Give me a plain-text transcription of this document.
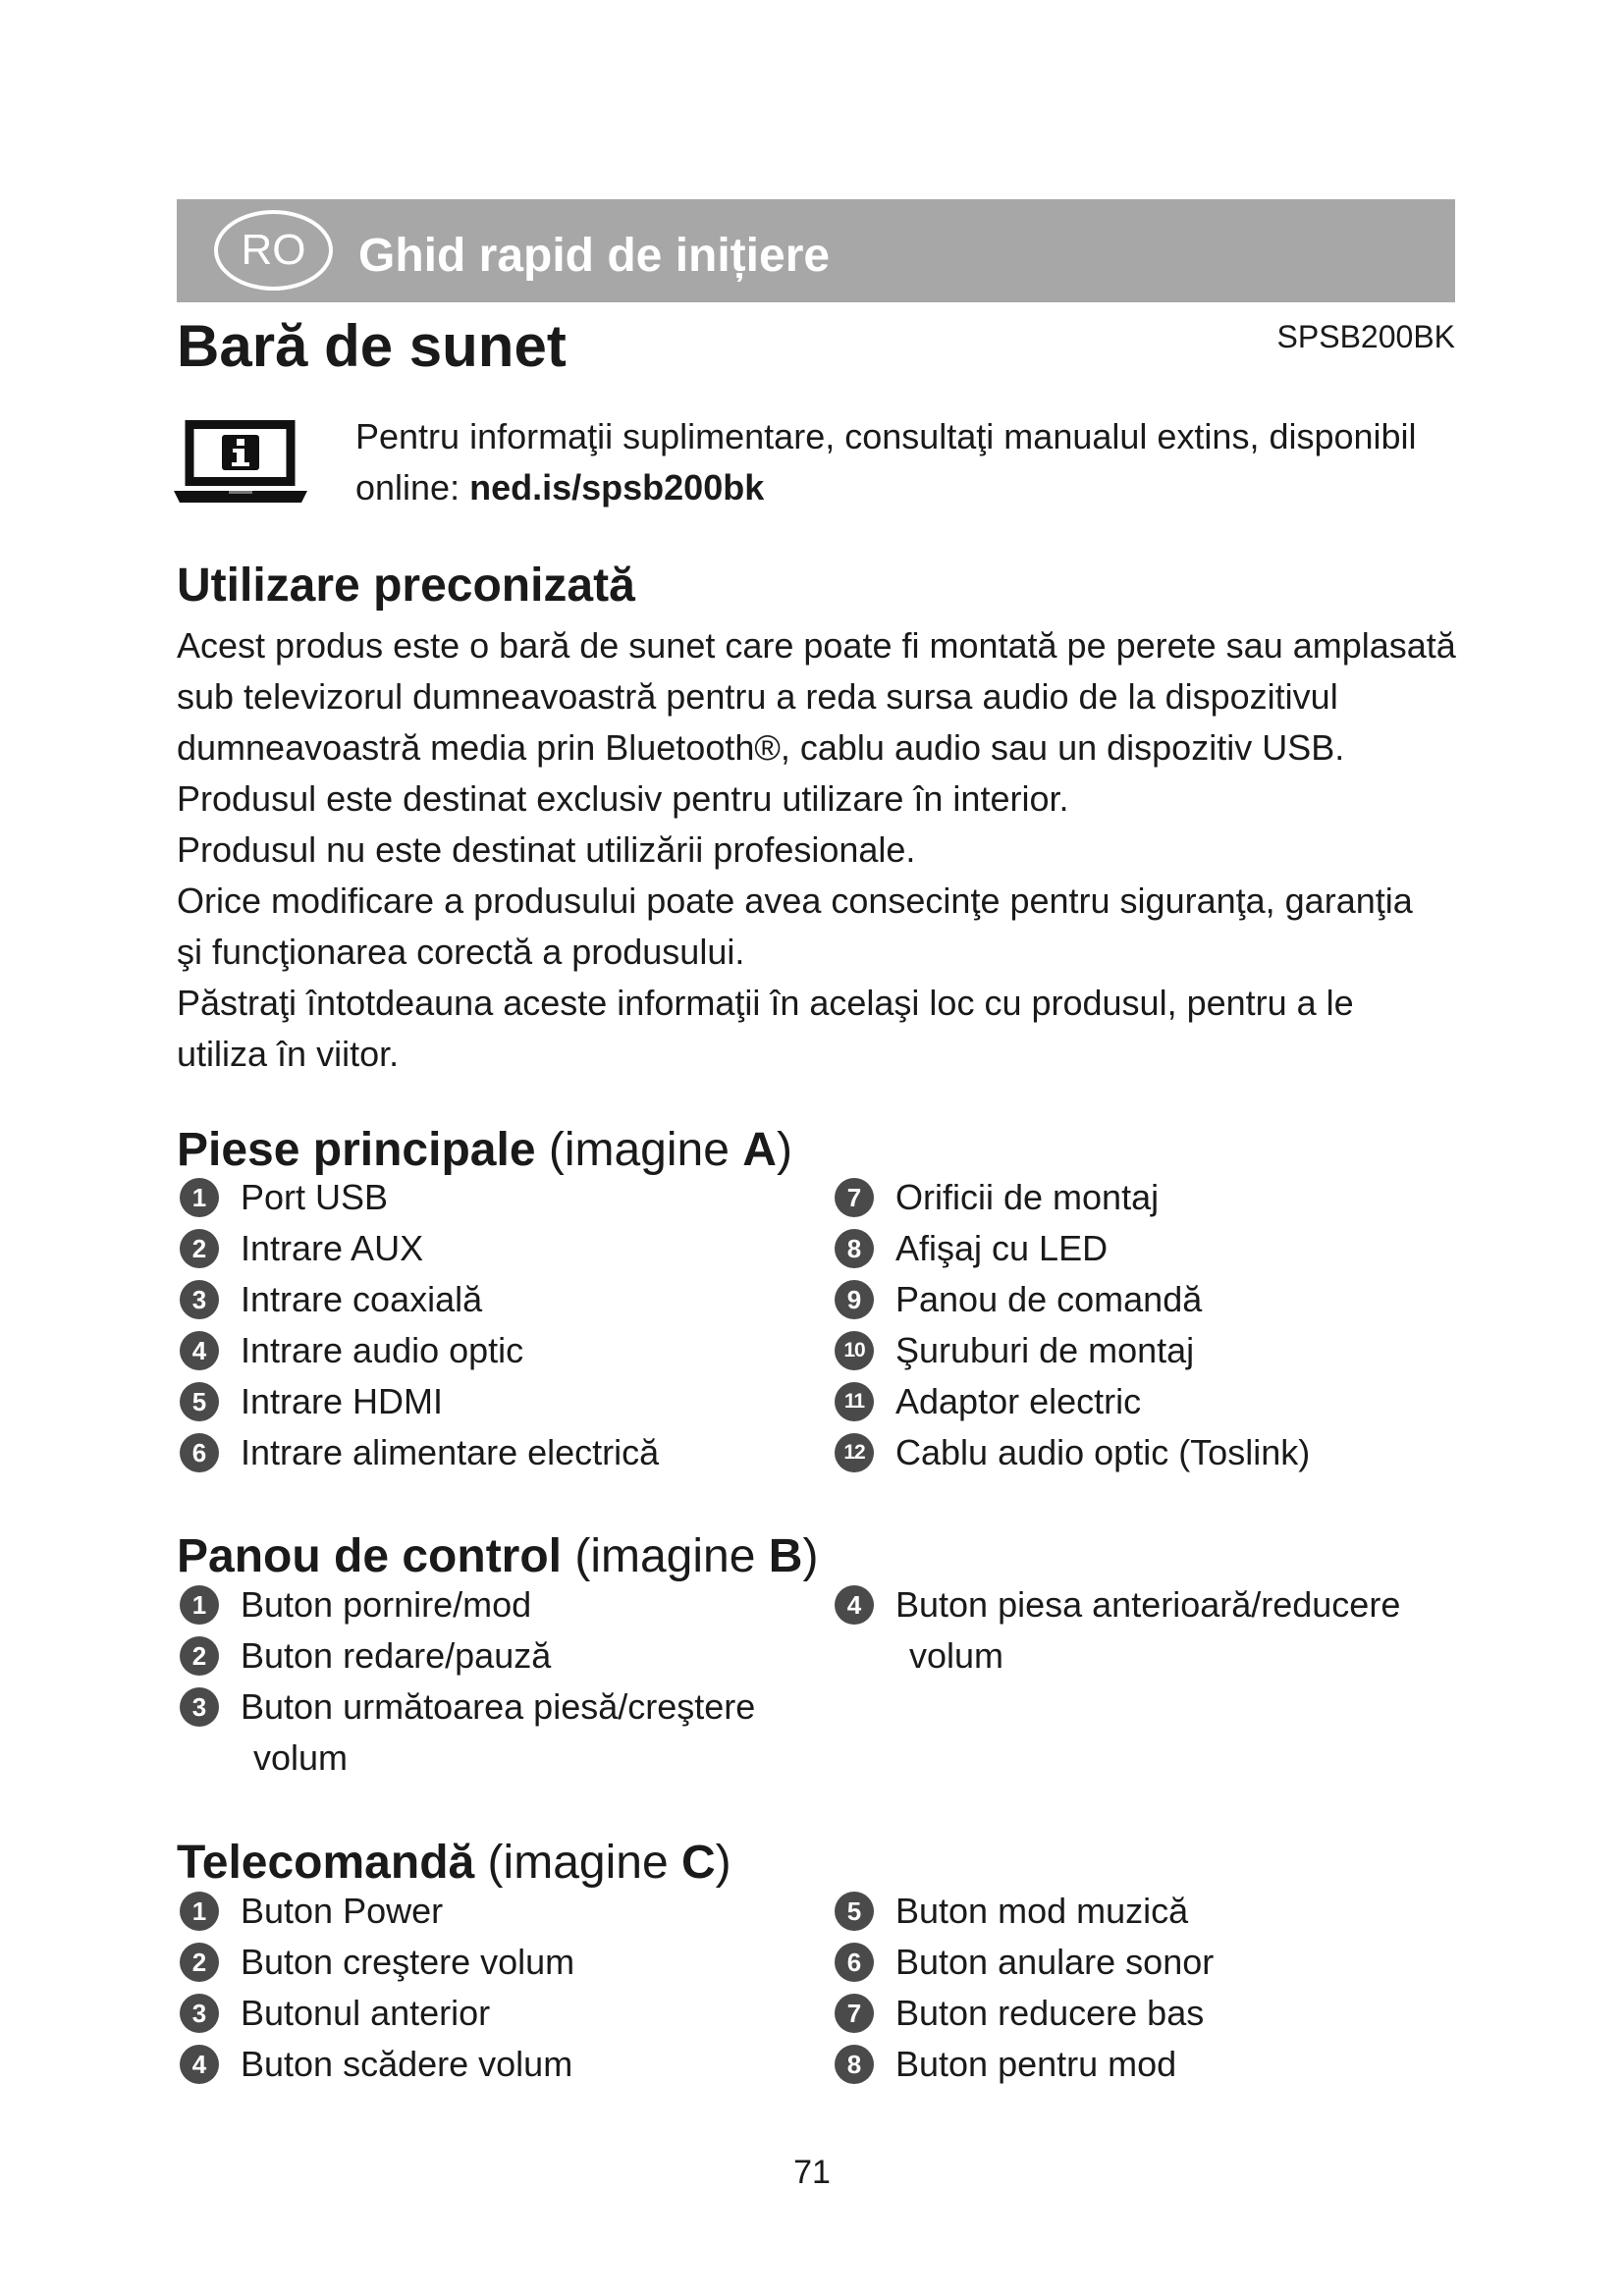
RO	Ghid rapid de inițiere
Bară de sunet	SPSB200BK
Pentru informaţii suplimentare, consultaţi manualul extins, disponibil
online: ned.is/spsb200bk
Utilizare preconizată
Acest produs este o bară de sunet care poate fi montată pe perete sau amplasată
sub televizorul dumneavoastră pentru a reda sursa audio de la dispozitivul
dumneavoastră media prin Bluetooth®, cablu audio sau un dispozitiv USB.
Produsul este destinat exclusiv pentru utilizare în interior.
Produsul nu este destinat utilizării profesionale.
Orice modificare a produsului poate avea consecinţe pentru siguranţa, garanţia
şi funcţionarea corectă a produsului.
Păstraţi întotdeauna aceste informaţii în acelaşi loc cu produsul, pentru a le
utiliza în viitor.
Piese principale (imagine A)
1 Port USB
2 Intrare AUX
3 Intrare coaxială
4 Intrare audio optic
5 Intrare HDMI
6 Intrare alimentare electrică
7 Orificii de montaj
8 Afişaj cu LED
9 Panou de comandă
10 Şuruburi de montaj
11 Adaptor electric
12 Cablu audio optic (Toslink)
Panou de control (imagine B)
1 Buton pornire/mod
2 Buton redare/pauză
3 Buton următoarea piesă/creştere
volum
4 Buton piesa anterioară/reducere
volum
Telecomandă (imagine C)
1 Buton Power
2 Buton creştere volum
3 Butonul anterior
4 Buton scădere volum
5 Buton mod muzică
6 Buton anulare sonor
7 Buton reducere bas
8 Buton pentru mod
71
